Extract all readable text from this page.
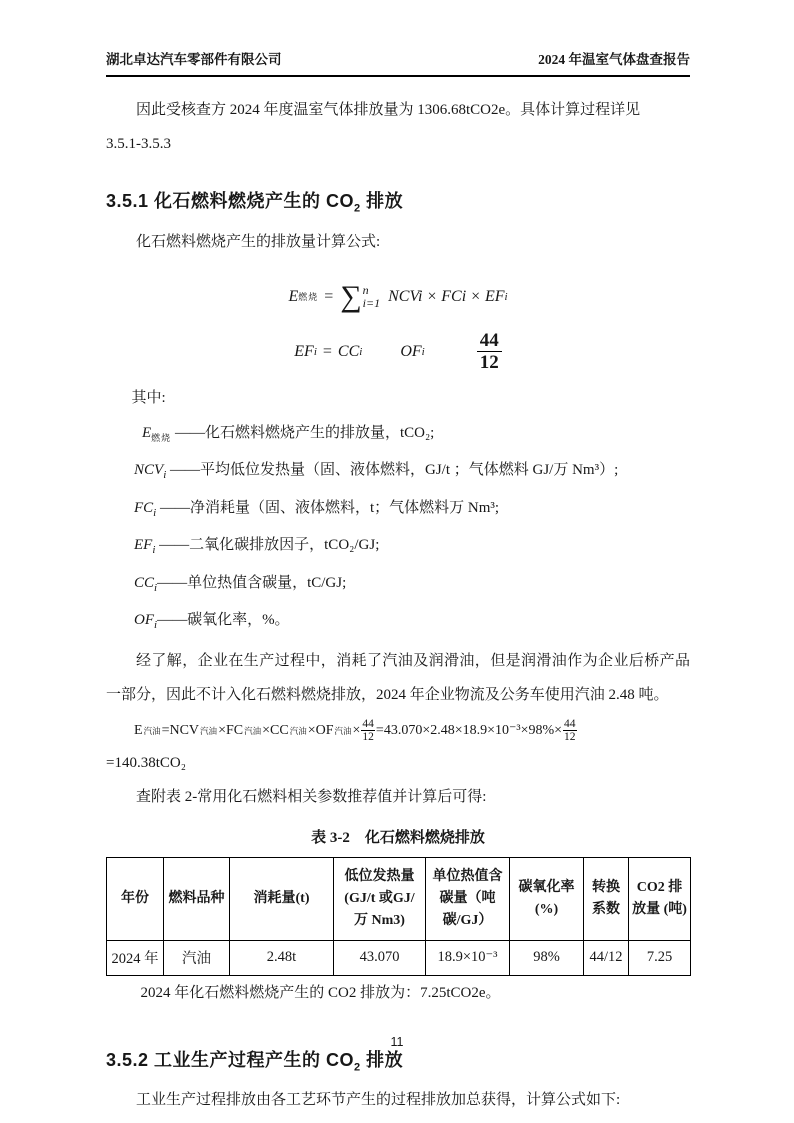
湖北卓达汽车零部件有限公司	2024 年温室气体盘查报告

因此受核查方 2024 年度温室气体排放量为 1306.68tCO2e。具体计算过程详见
3.5.1-3.5.3

3.5.1 化石燃料燃烧产生的 $CO_2$ 排放

化石燃料燃烧产生的排放量计算公式:

E 燃烧 = ∑ n
i=1 NCVi × FCi × EF i
EF i = CC i OF i	$\frac{44}{12}$

其中:

$E_{燃烧}$ ——化石燃料燃烧产生的排放量，tCO₂;
$NCV_i$ ——平均低位发热量（固、液体燃料，GJ/t ；气体燃料 GJ/万 Nm³）;
$FC_i$ ——净消耗量（固、液体燃料，t；气体燃料万 Nm³;
$EF_i$ ——二氧化碳排放因子，tCO₂/GJ;
$CC_i——$单位热值含碳量，tC/GJ;
$OF_i——$碳氧化率，%。

经了解，企业在生产过程中，消耗了汽油及润滑油，但是润滑油作为企业后桥产品一部分，因此不计入化石燃料燃烧排放，2024 年企业物流及公务车使用汽油 2.48 吨。

E 汽油 =NCV 汽油 ×FC 汽油 ×CC 汽油 ×OF 汽油 × $\frac{44}{12} =43.070\times 2.48\times 18.9\times 10^{-3}\times 98\%\times \frac{44}{12}$
=140.38tCO₂

查附表 2-常用化石燃料相关参数推荐值并计算后可得:

表 3-2　化石燃料燃烧排放
年份	燃料品种	消耗量(t)	低位发热量 (GJ/t 或GJ/ 万 Nm3)	单位热值含碳量（吨碳/GJ）	碳氧化率 (%)	转换系数	CO2 排放量 (吨)
2024 年	汽油	2.48t	43.070	18.9×10⁻³	98%	44/12	7.25

2024 年化石燃料燃烧产生的 CO2 排放为：7.25tCO2e。

3.5.2 工业生产过程产生的 $CO_2$ 排放

工业生产过程排放由各工艺环节产生的过程排放加总获得，计算公式如下:

11
